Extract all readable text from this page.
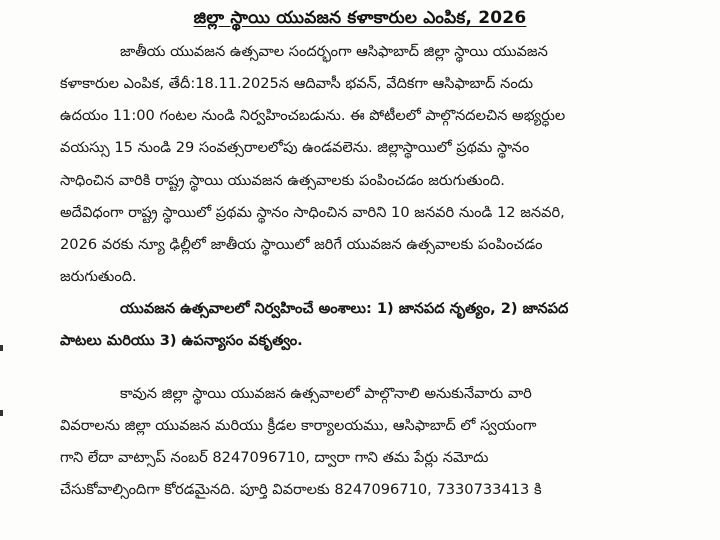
జిల్లా స్థాయి యువజన కళాకారుల ఎంపిక, 2026
జాతీయ యువజన ఉత్సవాల సందర్భంగా ఆసిఫాబాద్ జిల్లా స్థాయి యువజన
కళాకారుల ఎంపిక, తేదీ:18.11.2025న ఆదివాసీ భవన్, వేదికగా ఆసిఫాబాద్ నందు
ఉదయం 11:00 గంటల నుండి నిర్వహించబడును. ఈ పోటీలలో పాల్గొనదలచిన అభ్యర్ధుల
వయస్సు 15 నుండి 29 సంవత్సరాలలోపు ఉండవలెను. జిల్లాస్థాయిలో ప్రథమ స్థానం
సాధించిన వారికి రాష్ట్ర స్థాయి యువజన ఉత్సవాలకు పంపించడం జరుగుతుంది.
అదేవిధంగా రాష్ట్ర స్థాయిలో ప్రథమ స్థానం సాధించిన వారిని 10 జనవరి నుండి 12 జనవరి,
2026 వరకు న్యూ ఢిల్లీలో జాతీయ స్థాయిలో జరిగే యువజన ఉత్సవాలకు పంపించడం
జరుగుతుంది.
యువజన ఉత్సవాలలో నిర్వహించే అంశాలు: 1) జానపద నృత్యం, 2) జానపద
పాటలు మరియు 3) ఉపన్యాసం వకృత్వం.
కావున జిల్లా స్థాయి యువజన ఉత్సవాలలో పాల్గొనాలి అనుకునేవారు వారి
వివరాలను జిల్లా యువజన మరియు క్రీడల కార్యాలయము, ఆసిఫాబాద్ లో స్వయంగా
గాని లేదా వాట్సాప్ నంబర్ 8247096710, ద్వారా గాని తమ పేర్లు నమోదు
చేసుకోవాల్సిందిగా కోరడమైనది. పూర్తి వివరాలకు 8247096710, 7330733413 కి
